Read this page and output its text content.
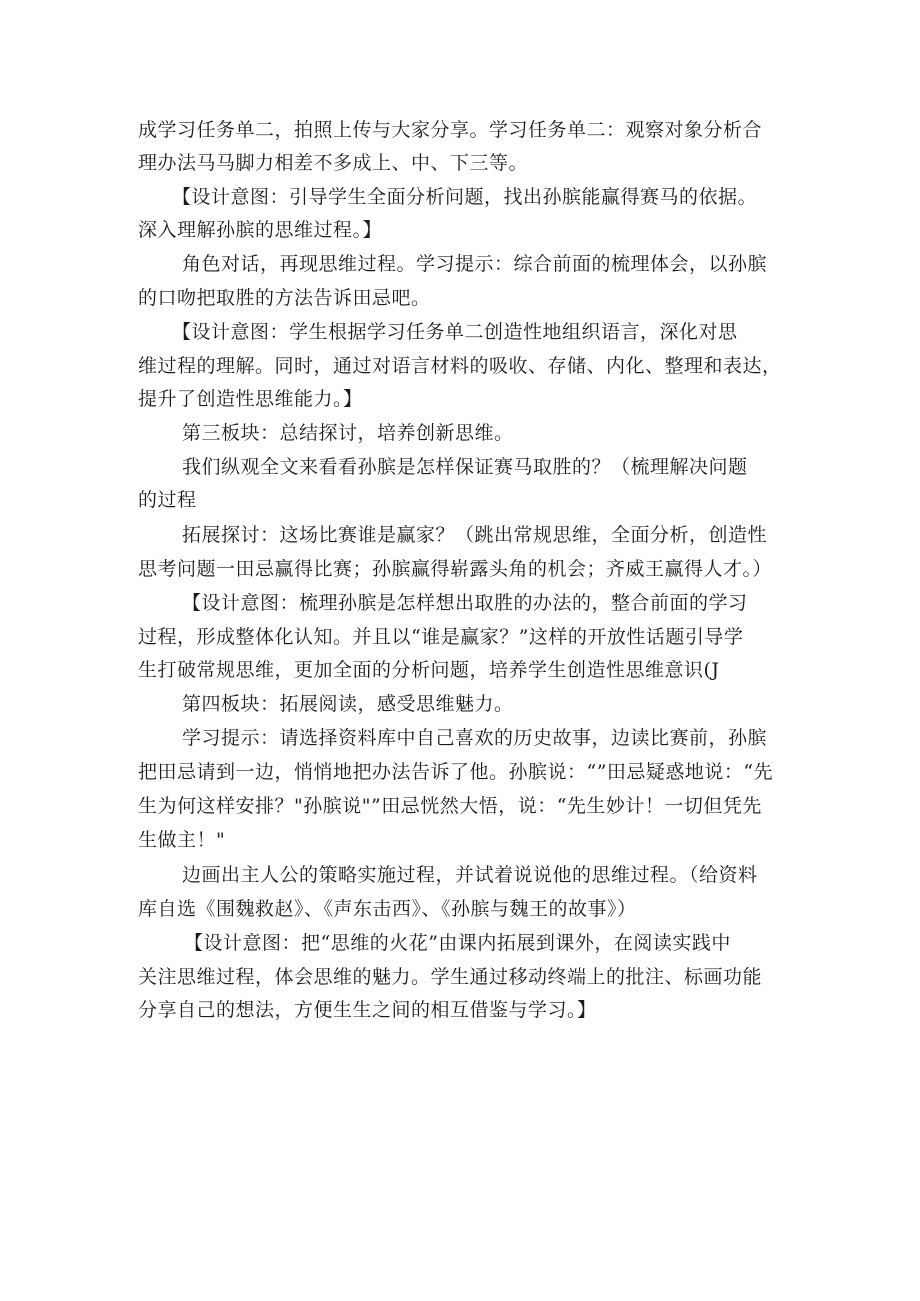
成学习任务单二，拍照上传与大家分享。学习任务单二：观察对象分析合
理办法马马脚力相差不多成上、中、下三等。
【设计意图：引导学生全面分析问题，找出孙膑能赢得赛马的依据。
深入理解孙膑的思维过程。】
角色对话，再现思维过程。学习提示：综合前面的梳理体会，以孙膑
的口吻把取胜的方法告诉田忌吧。
【设计意图：学生根据学习任务单二创造性地组织语言，深化对思
维过程的理解。同时，通过对语言材料的吸收、存储、内化、整理和表达，
提升了创造性思维能力。】
第三板块：总结探讨，培养创新思维。
我们纵观全文来看看孙膑是怎样保证赛马取胜的？（梳理解决问题
的过程
拓展探讨：这场比赛谁是赢家？（跳出常规思维，全面分析，创造性
思考问题一田忌赢得比赛；孙膑赢得崭露头角的机会；齐威王赢得人才。）
【设计意图：梳理孙膑是怎样想出取胜的办法的，整合前面的学习
过程，形成整体化认知。并且以“谁是赢家？”这样的开放性话题引导学
生打破常规思维，更加全面的分析问题，培养学生创造性思维意识(J
第四板块：拓展阅读，感受思维魅力。
学习提示：请选择资料库中自己喜欢的历史故事，边读比赛前，孙膑
把田忌请到一边，悄悄地把办法告诉了他。孙膑说：“”田忌疑惑地说：“先
生为何这样安排？"孙膑说"”田忌恍然大悟，说：“先生妙计！一切但凭先
生做主！"
边画出主人公的策略实施过程，并试着说说他的思维过程。（给资料
库自选《围魏救赵》、《声东击西》、《孙膑与魏王的故事》）
【设计意图：把“思维的火花”由课内拓展到课外，在阅读实践中
关注思维过程，体会思维的魅力。学生通过移动终端上的批注、标画功能
分享自己的想法，方便生生之间的相互借鉴与学习。】
